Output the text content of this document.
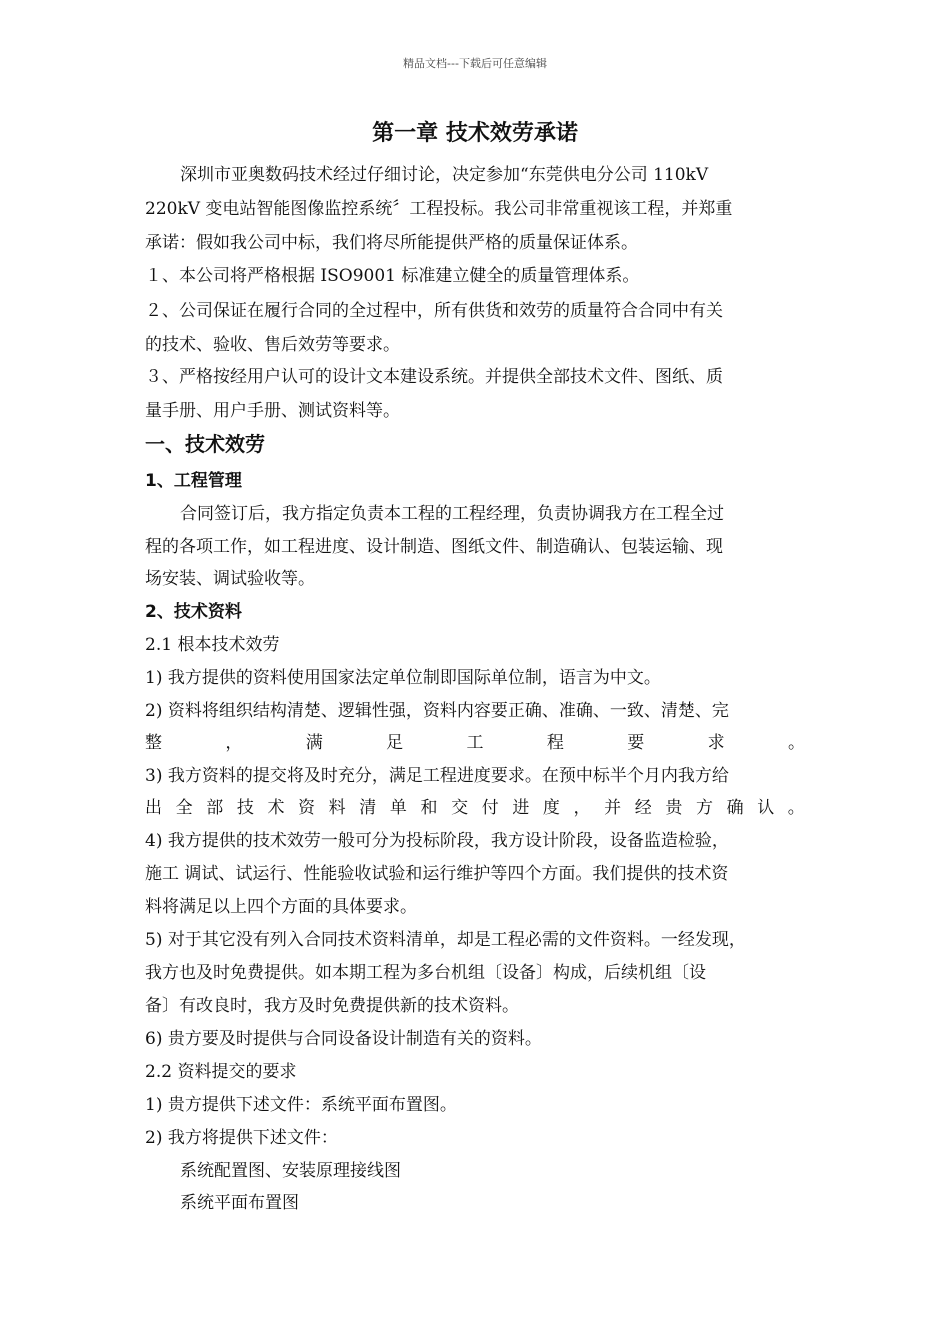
精品文档---下载后可任意编辑
第一章 技术效劳承诺
深圳市亚奥数码技术经过仔细讨论，决定参加“东莞供电分公司 110kV
220kV 变电站智能图像监控系统〞工程投标。我公司非常重视该工程，并郑重
承诺：假如我公司中标，我们将尽所能提供严格的质量保证体系。
１、本公司将严格根据 ISO9001 标准建立健全的质量管理体系。
２、公司保证在履行合同的全过程中，所有供货和效劳的质量符合合同中有关
的技术、验收、售后效劳等要求。
３、严格按经用户认可的设计文本建设系统。并提供全部技术文件、图纸、质
量手册、用户手册、测试资料等。
一、技术效劳
1、工程管理
合同签订后，我方指定负责本工程的工程经理，负责协调我方在工程全过
程的各项工作，如工程进度、设计制造、图纸文件、制造确认、包装运输、现
场安装、调试验收等。
2、技术资料
2.1 根本技术效劳
1) 我方提供的资料使用国家法定单位制即国际单位制，语言为中文。
2) 资料将组织结构清楚、逻辑性强，资料内容要正确、准确、一致、清楚、完
整	，	满	足	工	程	要	求	。
3) 我方资料的提交将及时充分，满足工程进度要求。在预中标半个月内我方给
出 全 部 技 术 资 料 清 单 和 交 付 进 度 ， 并 经 贵 方 确 认 。
4) 我方提供的技术效劳一般可分为投标阶段，我方设计阶段，设备监造检验，
施工 调试、试运行、性能验收试验和运行维护等四个方面。我们提供的技术资
料将满足以上四个方面的具体要求。
5) 对于其它没有列入合同技术资料清单，却是工程必需的文件资料。一经发现，
我方也及时免费提供。如本期工程为多台机组〔设备〕构成，后续机组〔设
备〕有改良时，我方及时免费提供新的技术资料。
6) 贵方要及时提供与合同设备设计制造有关的资料。
2.2 资料提交的要求
1) 贵方提供下述文件：系统平面布置图。
2) 我方将提供下述文件：
系统配置图、安装原理接线图
系统平面布置图
